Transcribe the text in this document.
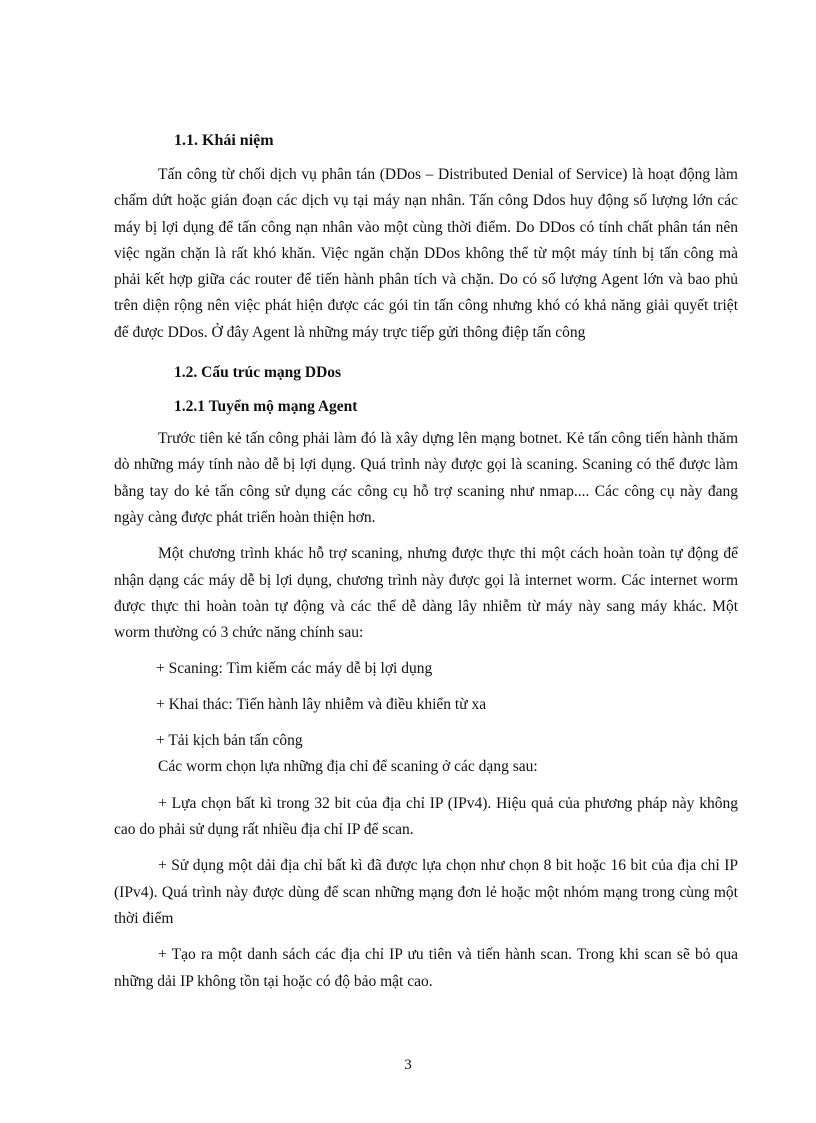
1.1. Khái niệm

Tấn công từ chối dịch vụ phân tán (DDos – Distributed Denial of Service) là hoạt động làm chấm dứt hoặc gián đoạn các dịch vụ tại máy nạn nhân. Tấn công Ddos huy động số lượng lớn các máy bị lợi dụng để tấn công nạn nhân vào một cùng thời điểm. Do DDos có tính chất phân tán nên việc ngăn chặn là rất khó khăn. Việc ngăn chặn DDos không thể từ một máy tính bị tấn công mà phải kết hợp giữa các router để tiến hành phân tích và chặn. Do có số lượng Agent lớn và bao phủ trên diện rộng nên việc phát hiện được các gói tin tấn công nhưng khó có khả năng giải quyết triệt để được DDos. Ở đây Agent là những máy trực tiếp gửi thông điệp tấn công

1.2. Cấu trúc mạng DDos
1.2.1 Tuyển mộ mạng Agent

Trước tiên kẻ tấn công phải làm đó là xây dựng lên mạng botnet. Kẻ tấn công tiến hành thăm dò những máy tính nào dễ bị lợi dụng. Quá trình này được gọi là scaning. Scaning có thể được làm bằng tay do kẻ tấn công sử dụng các công cụ hỗ trợ scaning như nmap.... Các công cụ này đang ngày càng được phát triển hoàn thiện hơn.

Một chương trình khác hỗ trợ scaning, nhưng được thực thi một cách hoàn toàn tự động để nhận dạng các máy dễ bị lợi dụng, chương trình này được gọi là internet worm. Các internet worm được thực thi hoàn toàn tự động và các thể dễ dàng lây nhiễm từ máy này sang máy khác. Một worm thường có 3 chức năng chính sau:

+ Scaning: Tìm kiếm các máy dễ bị lợi dụng
+ Khai thác: Tiến hành lây nhiễm và điều khiển từ xa
+ Tải kịch bản tấn công

Các worm chọn lựa những địa chỉ để scaning ở các dạng sau:

+ Lựa chọn bất kì trong 32 bit của địa chỉ IP (IPv4). Hiệu quả của phương pháp này không cao do phải sử dụng rất nhiều địa chỉ IP để scan.

+ Sử dụng một dải địa chỉ bất kì đã được lựa chọn như chọn 8 bit hoặc 16 bit của địa chỉ IP (IPv4). Quá trình này được dùng để scan những mạng đơn lẻ hoặc một nhóm mạng trong cùng một thời điểm

+ Tạo ra một danh sách các địa chỉ IP ưu tiên và tiến hành scan. Trong khi scan sẽ bỏ qua những dải IP không tồn tại hoặc có độ bảo mật cao.

3
